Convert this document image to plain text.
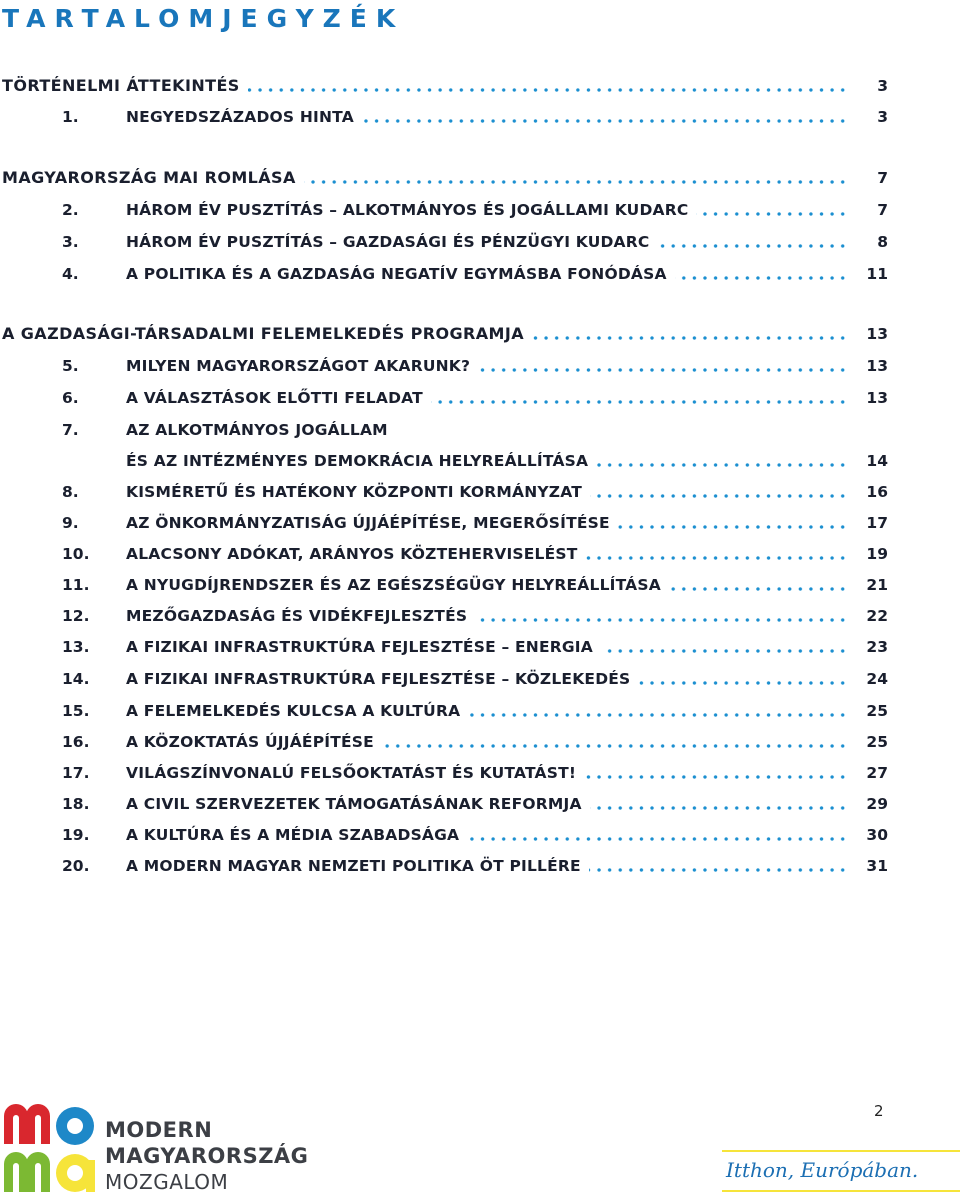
TARTALOMJEGYZÉK
TÖRTÉNELMI ÁTTEKINTÉS	3
1.	NEGYEDSZÁZADOS HINTA	3
MAGYARORSZÁG MAI ROMLÁSA	7
2.	HÁROM ÉV PUSZTÍTÁS – ALKOTMÁNYOS ÉS JOGÁLLAMI KUDARC	7
3.	HÁROM ÉV PUSZTÍTÁS – GAZDASÁGI ÉS PÉNZÜGYI KUDARC	8
4.	A POLITIKA ÉS A GAZDASÁG NEGATÍV EGYMÁSBA FONÓDÁSA	11
A GAZDASÁGI-TÁRSADALMI FELEMELKEDÉS PROGRAMJA	13
5.	MILYEN MAGYARORSZÁGOT AKARUNK?	13
6.	A VÁLASZTÁSOK ELŐTTI FELADAT	13
7.	AZ ALKOTMÁNYOS JOGÁLLAM
ÉS AZ INTÉZMÉNYES DEMOKRÁCIA HELYREÁLLÍTÁSA	14
8.	KISMÉRETŰ ÉS HATÉKONY KÖZPONTI KORMÁNYZAT	16
9.	AZ ÖNKORMÁNYZATISÁG ÚJJÁÉPÍTÉSE, MEGERŐSÍTÉSE	17
10.	ALACSONY ADÓKAT, ARÁNYOS KÖZTEHERVISELÉST	19
11.	A NYUGDÍJRENDSZER ÉS AZ EGÉSZSÉGÜGY HELYREÁLLÍTÁSA	21
12.	MEZŐGAZDASÁG ÉS VIDÉKFEJLESZTÉS	22
13.	A FIZIKAI INFRASTRUKTÚRA FEJLESZTÉSE – ENERGIA	23
14.	A FIZIKAI INFRASTRUKTÚRA FEJLESZTÉSE – KÖZLEKEDÉS	24
15.	A FELEMELKEDÉS KULCSA A KULTÚRA	25
16.	A KÖZOKTATÁS ÚJJÁÉPÍTÉSE	25
17.	VILÁGSZÍNVONALÚ FELSŐOKTATÁST ÉS KUTATÁST!	27
18.	A CIVIL SZERVEZETEK TÁMOGATÁSÁNAK REFORMJA	29
19.	A KULTÚRA ÉS A MÉDIA SZABADSÁGA	30
20.	A MODERN MAGYAR NEMZETI POLITIKA ÖT PILLÉRE	31
2
MODERN
MAGYARORSZÁG
MOZGALOM	Itthon, Európában.
